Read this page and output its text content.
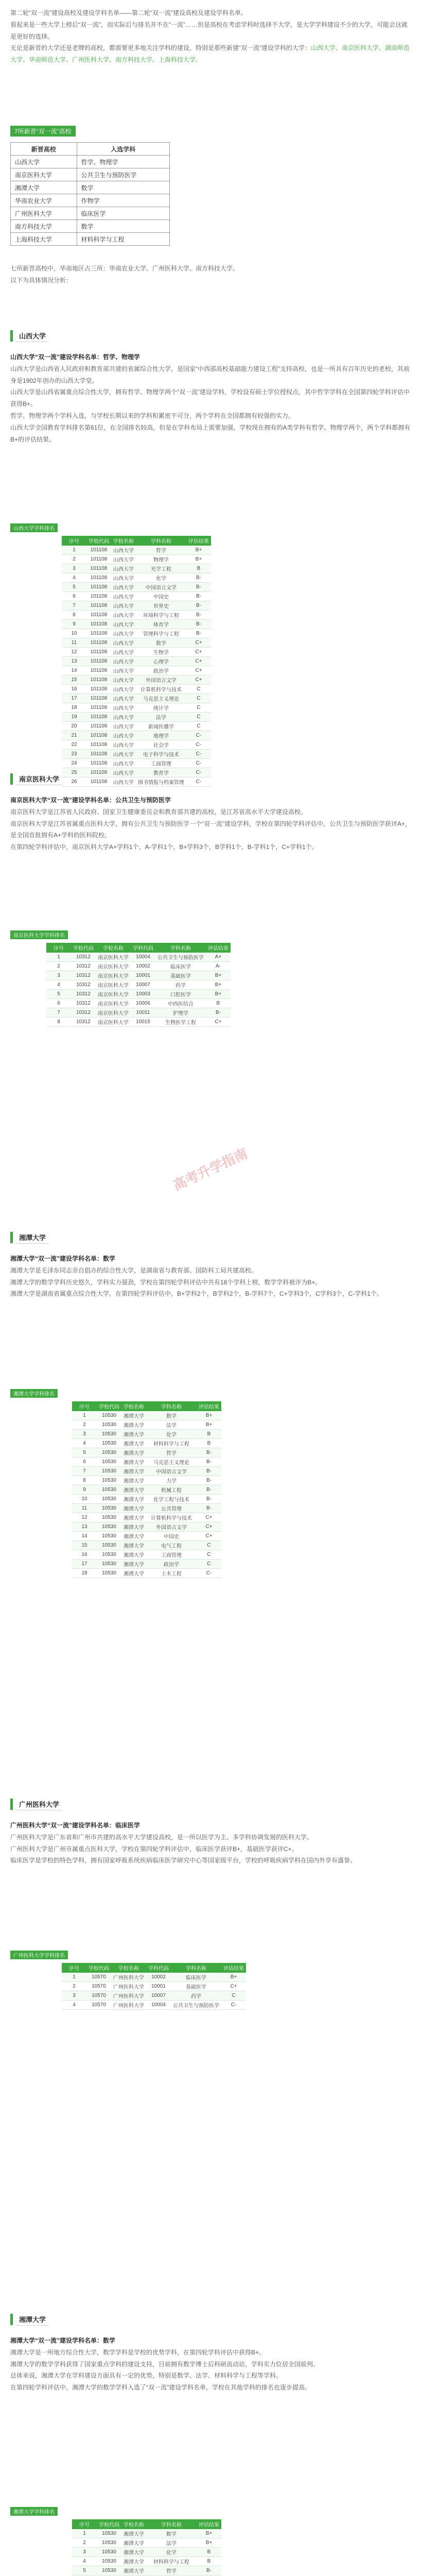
第二轮“双一流”建设高校及建设学科名单——第二轮“双一流”建设高校及建设学科名单。

看起来是一些大学上榜后“双一流”，而实际后与排名并不在“一流”……但是高校在考虑学科时选择不大学，是大学学科建设不少的大学，可能会这就是更好的选择。

无论是新晋的大学还是老牌的高校，都需要更多地关注学科的建设，特别是那些新建“双一流”建设学科的大学：山西大学、南京医科大学、湖南师范大学、华南师范大学、广州医科大学、南方科技大学、上海科技大学。

7所新晋“双一流”高校
新晋高校	入选学科
山西大学	哲学、物理学
南京医科大学	公共卫生与预防医学
湘潭大学	数学
华南农业大学	作物学
广州医科大学	临床医学
南方科技大学	数学
上海科技大学	材料科学与工程

七所新晋高校中，华南地区占三所：华南农业大学、广州医科大学、南方科技大学。

以下为具体情况分析：

山西大学

山西大学“双一流”建设学科名单：哲学、物理学

山西大学是山西省人民政府和教育部共建的省属综合性大学，是国家“中西部高校基础能力建设工程”支持高校，也是一所具有百年历史的老校，其前身是1902年创办的山西大学堂。

山西大学是山西省属重点综合性大学，拥有哲学、物理学两个“双一流”建设学科，学校设有硕士学位授权点，其中哲学学科在全国第四轮学科评估中获得B+。

哲学、物理学两个学科入选，与学校长期以来的学科积累密不可分，两个学科在全国都拥有较强的实力。

山西大学全国教育学科排名第61位，在全国排名较高，但是在学科布局上需要加强，学校现在拥有的A类学科有哲学、物理学两个，两个学科都拥有B+的评估结果。

山西大学学科排名
序号	学校代码	学校名称	学科名称	评估结果
1	101108	山西大学	哲学	B+
2	101108	山西大学	物理学	B+
3	101108	山西大学	光学工程	B
4	101108	山西大学	化学	B-
5	101108	山西大学	中国语言文学	B-
6	101108	山西大学	中国史	B-
7	101108	山西大学	世界史	B-
8	101108	山西大学	环境科学与工程	B-
9	101108	山西大学	体育学	B-
10	101108	山西大学	管理科学与工程	B-
11	101108	山西大学	数学	C+
12	101108	山西大学	生物学	C+
13	101108	山西大学	心理学	C+
14	101108	山西大学	政治学	C+
15	101108	山西大学	外国语言文学	C+
16	101108	山西大学	计算机科学与技术	C
17	101108	山西大学	马克思主义理论	C
18	101108	山西大学	统计学	C
19	101108	山西大学	法学	C
20	101108	山西大学	新闻传播学	C
21	101108	山西大学	地理学	C-
22	101108	山西大学	社会学	C-
23	101108	山西大学	电子科学与技术	C-
24	101108	山西大学	工商管理	C-
25	101108	山西大学	教育学	C-
26	101108	山西大学	图书情报与档案管理	C-
南京医科大学

南京医科大学“双一流”建设学科名单：公共卫生与预防医学

南京医科大学是江苏省人民政府、国家卫生健康委员会和教育部共建的高校，是江苏省高水平大学建设高校。

南京医科大学是江苏省属重点医科大学，拥有公共卫生与预防医学一个“双一流”建设学科，学校在第四轮学科评估中，公共卫生与预防医学获评A+，是全国首批拥有A+学科的医科院校。

在第四轮学科评估中，南京医科大学A+学科1个，A-学科1个，B+学科3个，B学科1个，B-学科1个，C+学科1个。

南京医科大学学科排名
序号	学校代码	学校名称	学科代码	学科名称	评估结果
1	10312	南京医科大学	10004	公共卫生与预防医学	A+
2	10312	南京医科大学	10002	临床医学	A-
3	10312	南京医科大学	10001	基础医学	B+
4	10312	南京医科大学	10007	药学	B+
5	10312	南京医科大学	10003	口腔医学	B+
6	10312	南京医科大学	10006	中西医结合	B
7	10312	南京医科大学	10011	护理学	B-
8	10312	南京医科大学	10015	生物医学工程	C+
湘潭大学

湘潭大学“双一流”建设学科名单：数学

湘潭大学是毛泽东同志亲自倡办的综合性大学，是湖南省与教育部、国防科工局共建高校。

湘潭大学的数学学科历史悠久，学科实力强劲，学校在第四轮学科评估中共有18个学科上榜，数学学科被评为B+。

湘潭大学是湖南省属重点综合性大学，在第四轮学科评估中，B+学科2个，B学科2个，B-学科7个，C+学科3个，C学科3个，C-学科1个。

湘潭大学学科排名
序号	学校代码	学校名称	学科名称	评估结果
1	10530	湘潭大学	数学	B+
2	10530	湘潭大学	法学	B+
3	10530	湘潭大学	化学	B
4	10530	湘潭大学	材料科学与工程	B
5	10530	湘潭大学	哲学	B-
6	10530	湘潭大学	马克思主义理论	B-
7	10530	湘潭大学	中国语言文学	B-
8	10530	湘潭大学	力学	B-
9	10530	湘潭大学	机械工程	B-
10	10530	湘潭大学	化学工程与技术	B-
11	10530	湘潭大学	公共管理	B-
12	10530	湘潭大学	计算机科学与技术	C+
13	10530	湘潭大学	外国语言文学	C+
14	10530	湘潭大学	中国史	C+
15	10530	湘潭大学	电气工程	C
16	10530	湘潭大学	工商管理	C
17	10530	湘潭大学	政治学	C
18	10530	湘潭大学	土木工程	C-
广州医科大学

广州医科大学“双一流”建设学科名单：临床医学

广州医科大学是广东省和广州市共建的高水平大学建设高校，是一所以医学为主、多学科协调发展的医科大学。

广州医科大学是广州市属重点医科大学，学校在第四轮学科评估中，临床医学获评B+，基础医学获评C+。

临床医学是学校的特色学科，拥有国家呼吸系统疾病临床医学研究中心等国家级平台，学校的呼吸疾病学科在国内外享有盛誉。

广州医科大学学科排名
序号	学校代码	学校名称	学科代码	学科名称	评估结果
1	10570	广州医科大学	10002	临床医学	B+
2	10570	广州医科大学	10001	基础医学	C+
3	10570	广州医科大学	10007	药学	C
4	10570	广州医科大学	10004	公共卫生与预防医学	C-
湘潭大学

湘潭大学“双一流”建设学科名单：数学

湘潭大学是一所地方综合性大学，数学学科是学校的优势学科，在第四轮学科评估中获得B+。

湘潭大学的数学学科获得了国家重点学科的建设支持，目前拥有数学博士后科研流动站，学科实力位居全国前列。

总体来说，湘潭大学在学科建设方面具有一定的优势，特别是数学、法学、材料科学与工程等学科。

在第四轮学科评估中，湘潭大学的数学学科入选了“双一流”建设学科名单，学校在其他学科的排名也逐步提高。

湘潭大学学科排名
序号	学校代码	学校名称	学科名称	评估结果
1	10530	湘潭大学	数学	B+
2	10530	湘潭大学	法学	B+
3	10530	湘潭大学	化学	B
4	10530	湘潭大学	材料科学与工程	B
5	10530	湘潭大学	哲学	B-

高考升学指南
